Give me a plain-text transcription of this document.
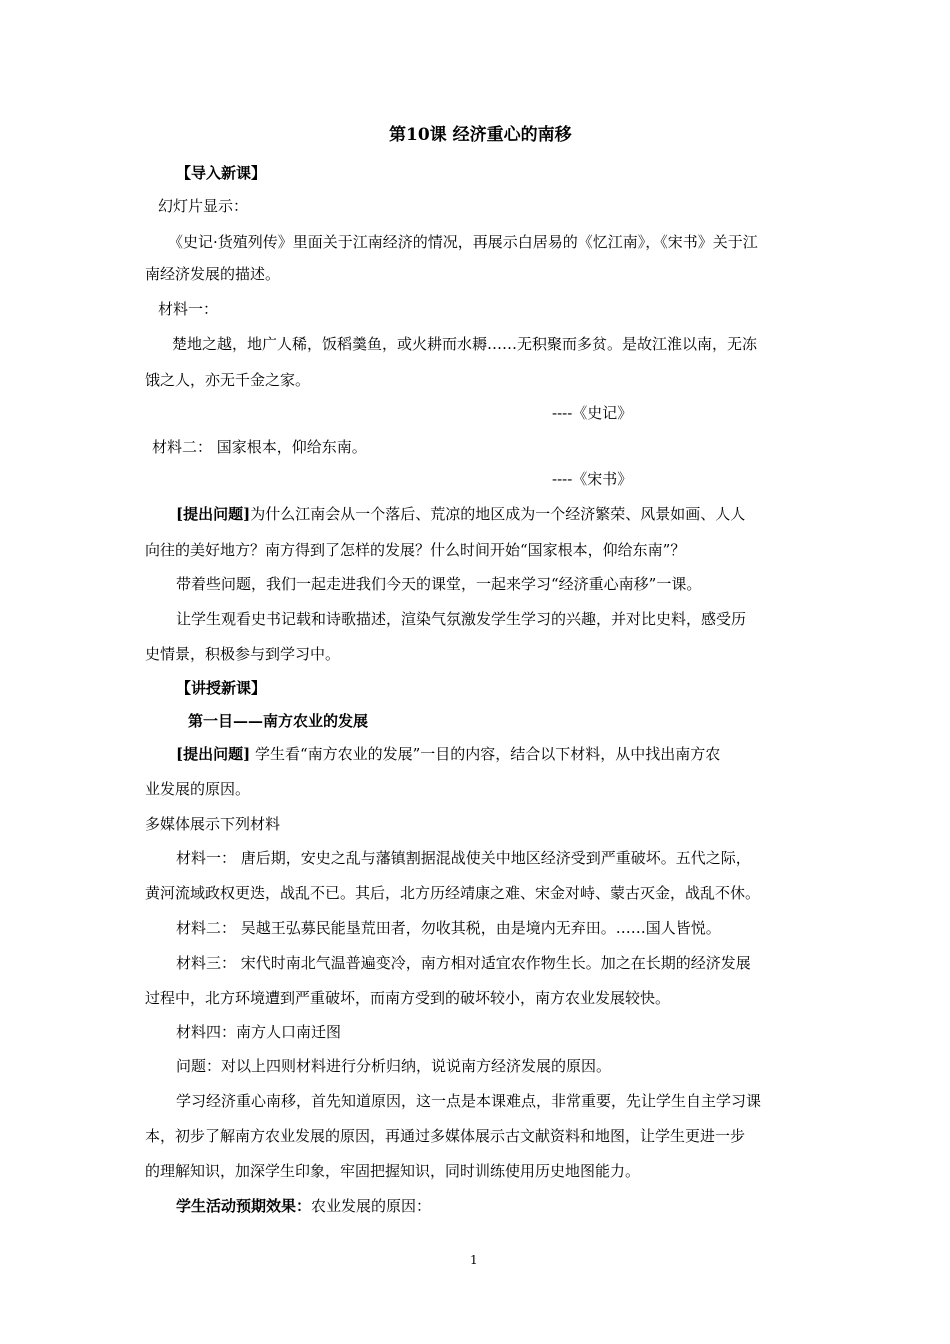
第10课 经济重心的南移
【导入新课】
幻灯片显示：
《史记·货殖列传》里面关于江南经济的情况，再展示白居易的《忆江南》，《宋书》关于江
南经济发展的描述。
材料一：
楚地之越，地广人稀，饭稻羹鱼，或火耕而水耨……无积聚而多贫。是故江淮以南，无冻
饿之人，亦无千金之家。
----《史记》
材料二： 国家根本，仰给东南。
----《宋书》
[提出问题]为什么江南会从一个落后、荒凉的地区成为一个经济繁荣、风景如画、人人
向往的美好地方？南方得到了怎样的发展？什么时间开始“国家根本，仰给东南”？
带着些问题，我们一起走进我们今天的课堂，一起来学习“经济重心南移”一课。
让学生观看史书记载和诗歌描述，渲染气氛激发学生学习的兴趣，并对比史料，感受历
史情景，积极参与到学习中。
【讲授新课】
第一目——南方农业的发展
[提出问题] 学生看“南方农业的发展”一目的内容，结合以下材料，从中找出南方农
业发展的原因。
多媒体展示下列材料
材料一： 唐后期，安史之乱与藩镇割据混战使关中地区经济受到严重破坏。五代之际，
黄河流域政权更迭，战乱不已。其后，北方历经靖康之难、宋金对峙、蒙古灭金，战乱不休。
材料二： 吴越王弘募民能垦荒田者，勿收其税，由是境内无弃田。……国人皆悦。
材料三： 宋代时南北气温普遍变冷，南方相对适宜农作物生长。加之在长期的经济发展
过程中，北方环境遭到严重破坏，而南方受到的破坏较小，南方农业发展较快。
材料四：南方人口南迁图
问题：对以上四则材料进行分析归纳，说说南方经济发展的原因。
学习经济重心南移，首先知道原因，这一点是本课难点，非常重要，先让学生自主学习课
本，初步了解南方农业发展的原因，再通过多媒体展示古文献资料和地图，让学生更进一步
的理解知识，加深学生印象，牢固把握知识，同时训练使用历史地图能力。
学生活动预期效果：农业发展的原因：
1
